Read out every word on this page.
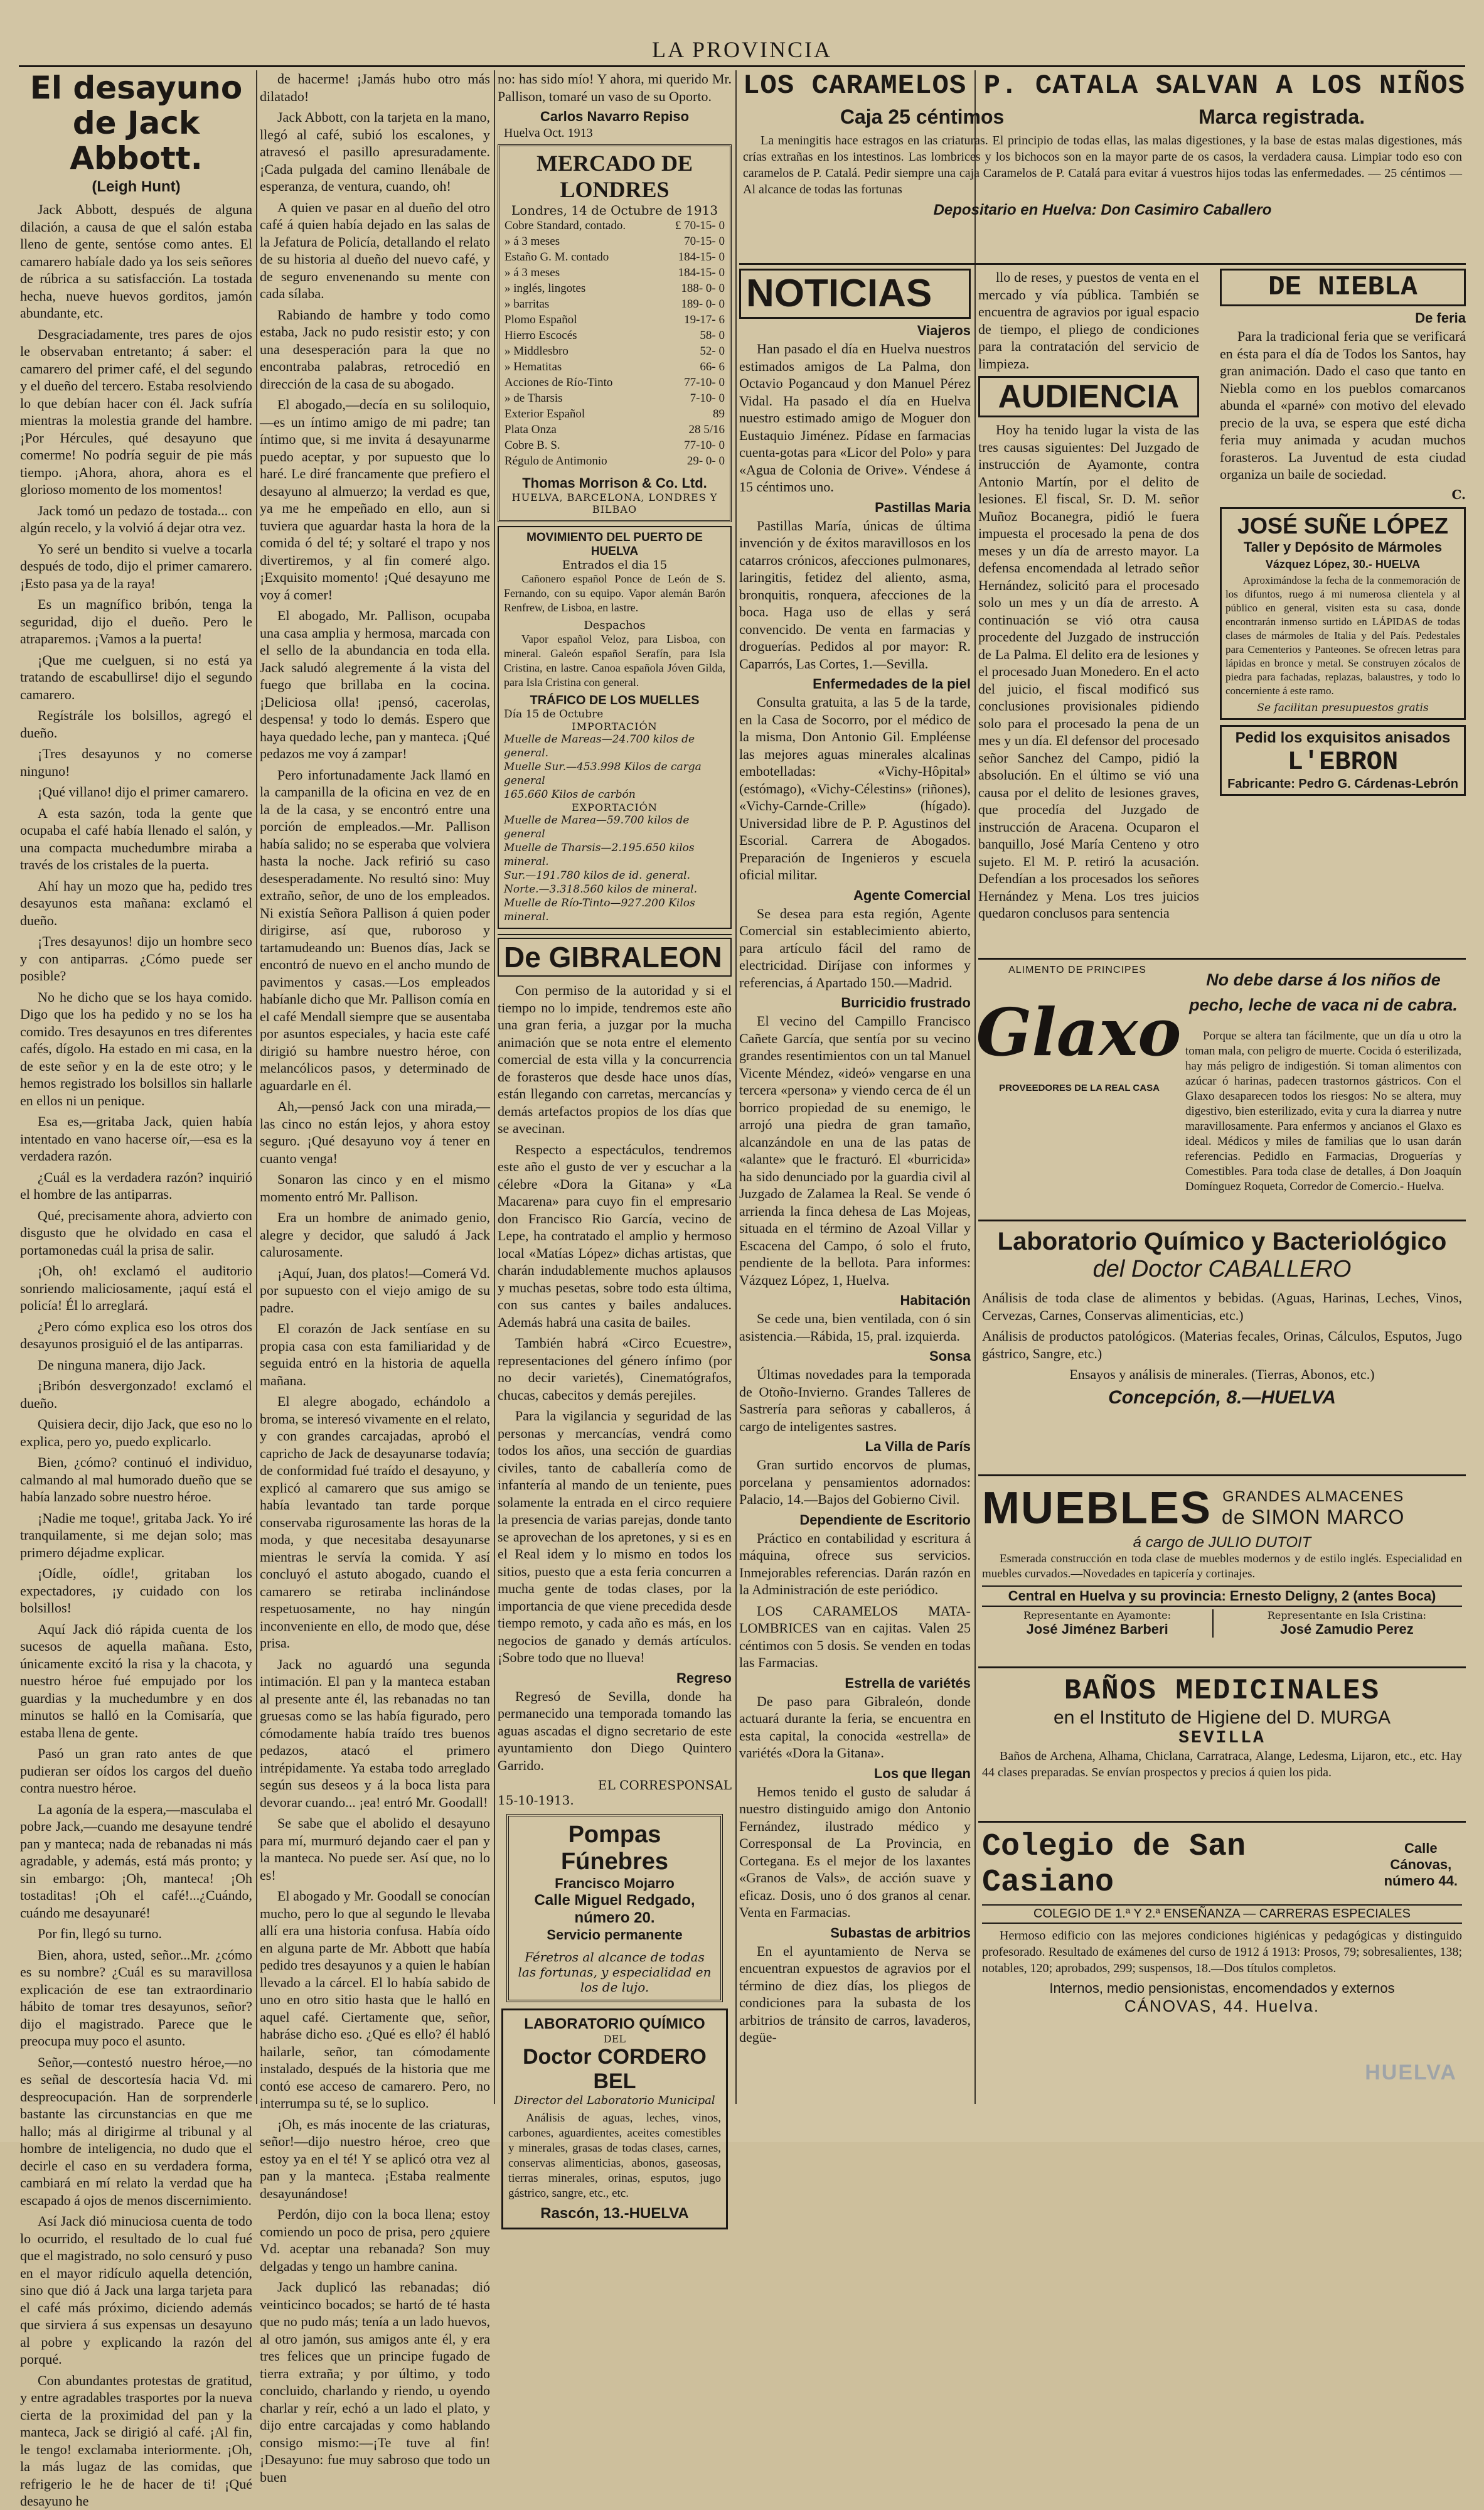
LA PROVINCIA
El desayuno
de Jack Abbott.
(Leigh Hunt)

Jack Abbott, después de alguna dilación, a causa de que el salón estaba lleno de gente, sentóse como antes. El camarero habíale dado ya los seis señores de rúbrica a su satisfacción. La tostada hecha, nueve huevos gorditos, jamón abundante, etc.

Desgraciadamente, tres pares de ojos le observaban entretanto; á saber: el camarero del primer café, el del segundo y el dueño del tercero. Estaba resolviendo lo que debían hacer con él. Jack sufría mientras la molestia grande del hambre. ¡Por Hércules, qué desayuno que comerme! No podría seguir de pie más tiempo. ¡Ahora, ahora, ahora es el glorioso momento de los momentos!

Jack tomó un pedazo de tostada... con algún recelo, y la volvió á dejar otra vez.

Yo seré un bendito si vuelve a tocarla después de todo, dijo el primer camarero. ¡Esto pasa ya de la raya!

Es un magnífico bribón, tenga la seguridad, dijo el dueño. Pero le atraparemos. ¡Vamos a la puerta!

¡Que me cuelguen, si no está ya tratando de escabullirse! dijo el segundo camarero.

Regístrále los bolsillos, agregó el dueño.

¡Tres desayunos y no comerse ninguno!

¡Qué villano! dijo el primer camarero.

A esta sazón, toda la gente que ocupaba el café había llenado el salón, y una compacta muchedumbre miraba a través de los cristales de la puerta.

Ahí hay un mozo que ha, pedido tres desayunos esta mañana: exclamó el dueño.

¡Tres desayunos! dijo un hombre seco y con antiparras. ¿Cómo puede ser posible?

No he dicho que se los haya comido. Digo que los ha pedido y no se los ha comido. Tres desayunos en tres diferentes cafés, dígolo. Ha estado en mi casa, en la de este señor y en la de este otro; y le hemos registrado los bolsillos sin hallarle en ellos ni un penique.

Esa es,—gritaba Jack, quien había intentado en vano hacerse oír,—esa es la verdadera razón.

¿Cuál es la verdadera razón? inquirió el hombre de las antiparras.

Qué, precisamente ahora, advierto con disgusto que he olvidado en casa el portamonedas cuál la prisa de salir.

¡Oh, oh! exclamó el auditorio sonriendo maliciosamente, ¡aquí está el policía! Él lo arreglará.

¿Pero cómo explica eso los otros dos desayunos prosiguió el de las antiparras.

De ninguna manera, dijo Jack.

¡Bribón desvergonzado! exclamó el dueño.

Quisiera decir, dijo Jack, que eso no lo explica, pero yo, puedo explicarlo.

Bien, ¿cómo? continuó el individuo, calmando al mal humorado dueño que se había lanzado sobre nuestro héroe.

¡Nadie me toque!, gritaba Jack. Yo iré tranquilamente, si me dejan solo; mas primero déjadme explicar.

¡Oídle, oídle!, gritaban los expectadores, ¡y cuidado con los bolsillos!

Aquí Jack dió rápida cuenta de los sucesos de aquella mañana. Esto, únicamente excitó la risa y la chacota, y nuestro héroe fué empujado por los guardias y la muchedumbre y en dos minutos se halló en la Comisaría, que estaba llena de gente.

Pasó un gran rato antes de que pudieran ser oídos los cargos del dueño contra nuestro héroe.

La agonía de la espera,—masculaba el pobre Jack,—cuando me desayune tendré pan y manteca; nada de rebanadas ni más agradable, y además, está más pronto; y sin embargo: ¡Oh, manteca! ¡Oh tostaditas! ¡Oh el café!...¿Cuándo, cuándo me desayunaré!

Por fin, llegó su turno.

Bien, ahora, usted, señor...Mr. ¿cómo es su nombre? ¿Cuál es su maravillosa explicación de ese tan extraordinario hábito de tomar tres desayunos, señor? dijo el magistrado. Parece que le preocupa muy poco el asunto.

Señor,—contestó nuestro héroe,—no es señal de descortesía hacia Vd. mi despreocupación. Han de sorprenderle bastante las circunstancias en que me hallo; más al dirigirme al tribunal y al hombre de inteligencia, no dudo que el decirle el caso en su verdadera forma, cambiará en mí relato la verdad que ha escapado á ojos de menos discernimiento.

Así Jack dió minuciosa cuenta de todo lo ocurrido, el resultado de lo cual fué que el magistrado, no solo censuró y puso en el mayor ridículo aquella detención, sino que dió á Jack una larga tarjeta para el café más próximo, diciendo además que sirviera á sus expensas un desayuno al pobre y explicando la razón del porqué.

Con abundantes protestas de gratitud, y entre agradables trasportes por la nueva cierta de la proximidad del pan y la manteca, Jack se dirigió al café. ¡Al fin, le tengo! exclamaba interiormente. ¡Oh, la más lugaz de las comidas, que refrigerio le he de hacer de ti! ¡Qué desayuno he

de hacerme! ¡Jamás hubo otro más dilatado!

Jack Abbott, con la tarjeta en la mano, llegó al café, subió los escalones, y atravesó el pasillo apresuradamente. ¡Cada pulgada del camino llenábale de esperanza, de ventura, cuando, oh!

A quien ve pasar en al dueño del otro café á quien había dejado en las salas de la Jefatura de Policía, detallando el relato de su historia al dueño del nuevo café, y de seguro envenenando su mente con cada sílaba.

Rabiando de hambre y todo como estaba, Jack no pudo resistir esto; y con una desesperación para la que no encontraba palabras, retrocedió en dirección de la casa de su abogado.

El abogado,—decía en su soliloquio,—es un íntimo amigo de mi padre; tan íntimo que, si me invita á desayunarme puedo aceptar, y por supuesto que lo haré. Le diré francamente que prefiero el desayuno al almuerzo; la verdad es que, ya me he empeñado en ello, aun si tuviera que aguardar hasta la hora de la comida ó del té; y soltaré el trapo y nos divertiremos, y al fin comeré algo. ¡Exquisito momento! ¡Qué desayuno me voy á comer!

El abogado, Mr. Pallison, ocupaba una casa amplia y hermosa, marcada con el sello de la abundancia en toda ella. Jack saludó alegremente á la vista del fuego que brillaba en la cocina. ¡Deliciosa olla! ¡pensó, cacerolas, despensa! y todo lo demás. Espero que haya quedado leche, pan y manteca. ¡Qué pedazos me voy á zampar!

Pero infortunadamente Jack llamó en la campanilla de la oficina en vez de en la de la casa, y se encontró entre una porción de empleados.—Mr. Pallison había salido; no se esperaba que volviera hasta la noche. Jack refirió su caso desesperadamente. No resultó sino: Muy extraño, señor, de uno de los empleados. Ni existía Señora Pallison á quien poder dirigirse, así que, ruboroso y tartamudeando un: Buenos días, Jack se encontró de nuevo en el ancho mundo de pavimentos y casas.—Los empleados habíanle dicho que Mr. Pallison comía en el café Mendall siempre que se ausentaba por asuntos especiales, y hacia este café dirigió su hambre nuestro héroe, con melancólicos pasos, y determinado de aguardarle en él.

Ah,—pensó Jack con una mirada,—las cinco no están lejos, y ahora estoy seguro. ¡Qué desayuno voy á tener en cuanto venga!

Sonaron las cinco y en el mismo momento entró Mr. Pallison.

Era un hombre de animado genio, alegre y decidor, que saludó á Jack calurosamente.

¡Aquí, Juan, dos platos!—Comerá Vd. por supuesto con el viejo amigo de su padre.

El corazón de Jack sentíase en su propia casa con esta familiaridad y de seguida entró en la historia de aquella mañana.

El alegre abogado, echándolo a broma, se interesó vivamente en el relato, y con grandes carcajadas, aprobó el capricho de Jack de desayunarse todavía; de conformidad fué traído el desayuno, y explicó al camarero que sus amigo se había levantado tan tarde porque conservaba rigurosamente las horas de la moda, y que necesitaba desayunarse mientras le servía la comida. Y así concluyó el astuto abogado, cuando el camarero se retiraba inclinándose respetuosamente, no hay ningún inconveniente en ello, de modo que, dése prisa.

Jack no aguardó una segunda intimación. El pan y la manteca estaban al presente ante él, las rebanadas no tan gruesas como se las había figurado, pero cómodamente había traído tres buenos pedazos, atacó el primero intrépidamente. Ya estaba todo arreglado según sus deseos y á la boca lista para devorar cuando... ¡ea! entró Mr. Goodall!

Se sabe que el abolido el desayuno para mí, murmuró dejando caer el pan y la manteca. No puede ser. Así que, no lo es!

El abogado y Mr. Goodall se conocían mucho, pero lo que al segundo le llevaba allí era una historia confusa. Había oído en alguna parte de Mr. Abbott que había pedido tres desayunos y a quien le habían llevado a la cárcel. El lo había sabido de uno en otro sitio hasta que le halló en aquel café. Ciertamente que, señor, habráse dicho eso. ¿Qué es ello? él habló hailarle, señor, tan cómodamente instalado, después de la historia que me contó ese acceso de camarero. Pero, no interrumpa su té, se lo suplico.

¡Oh, es más inocente de las criaturas, señor!—dijo nuestro héroe, creo que estoy ya en el té! Y se aplicó otra vez al pan y la manteca. ¡Estaba realmente desayunándose!

Perdón, dijo con la boca llena; estoy comiendo un poco de prisa, pero ¿quiere Vd. aceptar una rebanada? Son muy delgadas y tengo un hambre canina.

Jack duplicó las rebanadas; dió veinticinco bocados; se hartó de té hasta que no pudo más; tenía a un lado huevos, al otro jamón, sus amigos ante él, y era tres felices que un principe fugado de tierra extraña; y por último, y todo concluido, charlando y riendo, u oyendo charlar y reír, echó a un lado el plato, y dijo entre carcajadas y como hablando consigo mismo:—¡Te tuve al fin! ¡Desayuno: fue muy sabroso que todo un buen

no: has sido mío! Y ahora, mi querido Mr. Pallison, tomaré un vaso de su Oporto.

Carlos Navarro Repiso
Huelva Oct. 1913
MERCADO DE LONDRES
Londres, 14 de Octubre de 1913
Cobre Standard, contado.	£ 70-15- 0
» á 3 meses	70-15- 0
Estaño G. M. contado	184-15- 0
» á 3 meses	184-15- 0
» inglés, lingotes	188- 0- 0
» barritas	189- 0- 0
Plomo Español	19-17- 6
Hierro Escocés	58- 0
» Middlesbro	52- 0
» Hematitas	66- 6
Acciones de Río-Tinto	77-10- 0
» de Tharsis	7-10- 0
Exterior Español	89
Plata Onza	28 5/16
Cobre B. S.	77-10- 0
Régulo de Antimonio	29- 0- 0
Thomas Morrison & Co. Ltd.
HUELVA, BARCELONA, LONDRES Y BILBAO
MOVIMIENTO DEL PUERTO DE HUELVA
Entrados el dia 15

Cañonero español Ponce de León de S. Fernando, con su equipo. Vapor alemán Barón Renfrew, de Lisboa, en lastre.

Despachos

Vapor español Veloz, para Lisboa, con mineral. Galeón español Serafín, para Isla Cristina, en lastre. Canoa española Jóven Gilda, para Isla Cristina con general.

TRÁFICO DE LOS MUELLES
Día 15 de Octubre
IMPORTACIÓN
Muelle de Mareas—24.700 kilos de general.
Muelle Sur.—453.998 Kilos de carga general
165.660 Kilos de carbón
EXPORTACIÓN
Muelle de Marea—59.700 kilos de general
Muelle de Tharsis—2.195.650 kilos mineral.
Sur.—191.780 kilos de id. general.
Norte.—3.318.560 kilos de mineral.
Muelle de Río-Tinto—927.200 Kilos mineral.
De GIBRALEON

Con permiso de la autoridad y si el tiempo no lo impide, tendremos este año una gran feria, a juzgar por la mucha animación que se nota entre el elemento comercial de esta villa y la concurrencia de forasteros que desde hace unos días, están llegando con carretas, mercancías y demás artefactos propios de los días que se avecinan.

Respecto a espectáculos, tendremos este año el gusto de ver y escuchar a la célebre «Dora la Gitana» y «La Macarena» para cuyo fin el empresario don Francisco Rio García, vecino de Lepe, ha contratado el amplio y hermoso local «Matías López» dichas artistas, que charán indudablemente muchos aplausos y muchas pesetas, sobre todo esta última, con sus cantes y bailes andaluces. Además habrá una casita de bailes.

También habrá «Circo Ecuestre», representaciones del género ínfimo (por no decir varietés), Cinematógrafos, chucas, cabecitos y demás perejiles.

Para la vigilancia y seguridad de las personas y mercancías, vendrá como todos los años, una sección de guardias civiles, tanto de caballería como de infantería al mando de un teniente, pues solamente la entrada en el circo requiere la presencia de varias parejas, donde tanto se aprovechan de los apretones, y si es en el Real idem y lo mismo en todos los sitios, puesto que a esta feria concurren a mucha gente de todas clases, por la importancia de que viene precedida desde tiempo remoto, y cada año es más, en los negocios de ganado y demás artículos. ¡Sobre todo que no llueva!

Regreso

Regresó de Sevilla, donde ha permanecido una temporada tomando las aguas ascadas el digno secretario de este ayuntamiento don Diego Quintero Garrido.

EL CORRESPONSAL
15-10-1913.
Pompas Fúnebres
Francisco Mojarro
Calle Miguel Redgado, número 20.
Servicio permanente
Féretros al alcance de todas las fortunas, y especialidad en los de lujo.
LABORATORIO QUÍMICO
DEL
Doctor CORDERO BEL
Director del Laboratorio Municipal

Análisis de aguas, leches, vinos, carbones, aguardientes, aceites comestibles y minerales, grasas de todas clases, carnes, conservas alimenticias, abonos, gaseosas, tierras minerales, orinas, esputos, jugo gástrico, sangre, etc., etc.

Rascón, 13.-HUELVA
LOS CARAMELOS P. CATALA SALVAN A LOS NIÑOS
Caja 25 céntimos	Marca registrada.

La meningitis hace estragos en las criaturas. El principio de todas ellas, las malas digestiones, y la base de estas malas digestiones, más crías extrañas en los intestinos. Las lombrices y los bichocos son en la mayor parte de os casos, la verdadera causa. Limpiar todo eso con caramelos de P. Catalá. Pedir siempre una caja Caramelos de P. Catalá para evitar á vuestros hijos todas las enfermedades. — 25 céntimos — Al alcance de todas las fortunas

Depositario en Huelva: Don Casimiro Caballero
NOTICIAS
Viajeros

Han pasado el día en Huelva nuestros estimados amigos de La Palma, don Octavio Pogancaud y don Manuel Pérez Vidal. Ha pasado el día en Huelva nuestro estimado amigo de Moguer don Eustaquio Jiménez. Pídase en farmacias cuenta-gotas para «Licor del Polo» y para «Agua de Colonia de Orive». Véndese á 15 céntimos uno.

Pastillas Maria

Pastillas María, únicas de última invención y de éxitos maravillosos en los catarros crónicos, afecciones pulmonares, laringitis, fetidez del aliento, asma, bronquitis, ronquera, afecciones de la boca. Haga uso de ellas y será convencido. De venta en farmacias y droguerías. Pedidos al por mayor: R. Caparrós, Las Cortes, 1.—Sevilla.

Enfermedades de la piel

Consulta gratuita, a las 5 de la tarde, en la Casa de Socorro, por el médico de la misma, Don Antonio Gil. Empléense las mejores aguas minerales alcalinas embotelladas: «Vichy-Hôpital» (estómago), «Vichy-Célestins» (riñones), «Vichy-Carnde-Crille» (hígado). Universidad libre de P. P. Agustinos del Escorial. Carrera de Abogados. Preparación de Ingenieros y escuela oficial militar.

Agente Comercial

Se desea para esta región, Agente Comercial sin establecimiento abierto, para artículo fácil del ramo de electricidad. Diríjase con informes y referencias, á Apartado 150.—Madrid.

Burricidio frustrado

El vecino del Campillo Francisco Cañete García, que sentía por su vecino grandes resentimientos con un tal Manuel Vicente Méndez, «ideó» vengarse en una tercera «persona» y viendo cerca de él un borrico propiedad de su enemigo, le arrojó una piedra de gran tamaño, alcanzándole en una de las patas de «alante» que le fracturó. El «burricida» ha sido denunciado por la guardia civil al Juzgado de Zalamea la Real. Se vende ó arrienda la finca dehesa de Las Mojeas, situada en el término de Azoal Villar y Escacena del Campo, ó solo el fruto, pendiente de la bellota. Para informes: Vázquez López, 1, Huelva.

Habitación

Se cede una, bien ventilada, con ó sin asistencia.—Rábida, 15, pral. izquierda.

Sonsa

Últimas novedades para la temporada de Otoño-Invierno. Grandes Talleres de Sastrería para señoras y caballeros, á cargo de inteligentes sastres.

La Villa de París

Gran surtido encorvos de plumas, porcelana y pensamientos adornados: Palacio, 14.—Bajos del Gobierno Civil.

Dependiente de Escritorio

Práctico en contabilidad y escritura á máquina, ofrece sus servicios. Inmejorables referencias. Darán razón en la Administración de este periódico.

LOS CARAMELOS MATA-LOMBRICES van en cajitas. Valen 25 céntimos con 5 dosis. Se venden en todas las Farmacias.

Estrella de variétés

De paso para Gibraleón, donde actuará durante la feria, se encuentra en esta capital, la conocida «estrella» de variétés «Dora la Gitana».

Los que llegan

Hemos tenido el gusto de saludar á nuestro distinguido amigo don Antonio Fernández, ilustrado médico y Corresponsal de La Provincia, en Cortegana. Es el mejor de los laxantes «Granos de Vals», de acción suave y eficaz. Dosis, uno ó dos granos al cenar. Venta en Farmacias.

Subastas de arbitrios

En el ayuntamiento de Nerva se encuentran expuestos de agravios por el término de diez días, los pliegos de condiciones para la subasta de los arbitrios de tránsito de carros, lavaderos, degüe-

llo de reses, y puestos de venta en el mercado y vía pública. También se encuentra de agravios por igual espacio de tiempo, el pliego de condiciones para la contratación del servicio de limpieza.

AUDIENCIA

Hoy ha tenido lugar la vista de las tres causas siguientes: Del Juzgado de instrucción de Ayamonte, contra Antonio Martín, por el delito de lesiones. El fiscal, Sr. D. M. señor Muñoz Bocanegra, pidió le fuera impuesta el procesado la pena de dos meses y un día de arresto mayor. La defensa encomendada al letrado señor Hernández, solicitó para el procesado solo un mes y un día de arresto. A continuación se vió otra causa procedente del Juzgado de instrucción de La Palma. El delito era de lesiones y el procesado Juan Monedero. En el acto del juicio, el fiscal modificó sus conclusiones provisionales pidiendo solo para el procesado la pena de un mes y un día. El defensor del procesado señor Sanchez del Campo, pidió la absolución. En el último se vió una causa por el delito de lesiones graves, que procedía del Juzgado de instrucción de Aracena. Ocuparon el banquillo, José María Centeno y otro sujeto. El M. P. retiró la acusación. Defendían a los procesados los señores Hernández y Mena. Los tres juicios quedaron conclusos para sentencia

DE NIEBLA
De feria

Para la tradicional feria que se verificará en ésta para el día de Todos los Santos, hay gran animación. Dado el caso que tanto en Niebla como en los pueblos comarcanos abunda el «parné» con motivo del elevado precio de la uva, se espera que esté dicha feria muy animada y acudan muchos forasteros. La Juventud de esta ciudad organiza un baile de sociedad.

C.
JOSÉ SUÑE LÓPEZ
Taller y Depósito de Mármoles
Vázquez López, 30.- HUELVA

Aproximándose la fecha de la conmemoración de los difuntos, ruego á mi numerosa clientela y al público en general, visiten esta su casa, donde encontrarán inmenso surtido en LÁPIDAS de todas clases de mármoles de Italia y del País. Pedestales para Cementerios y Panteones. Se ofrecen letras para lápidas en bronce y metal. Se construyen zócalos de piedra para fachadas, replazas, balaustres, y todo lo concerniente á este ramo.

Se facilitan presupuestos gratis
Pedid los exquisitos anisados
L'EBRON
Fabricante: Pedro G. Cárdenas-Lebrón
ALIMENTO DE PRINCIPES
Glaxo
PROVEEDORES DE LA REAL CASA
No debe darse á los niños de pecho, leche de vaca ni de cabra.

Porque se altera tan fácilmente, que un día u otro la toman mala, con peligro de muerte. Cocida ó esterilizada, hay más peligro de indigestión. Si toman alimentos con azúcar ó harinas, padecen trastornos gástricos. Con el Glaxo desaparecen todos los riesgos: No se altera, muy digestivo, bien esterilizado, evita y cura la diarrea y nutre maravillosamente. Para enfermos y ancianos el Glaxo es ideal. Médicos y miles de familias que lo usan darán referencias. Pedidlo en Farmacias, Droguerías y Comestibles. Para toda clase de detalles, á Don Joaquín Domínguez Roqueta, Corredor de Comercio.- Huelva.

Laboratorio Químico y Bacteriológico
del Doctor CABALLERO

Análisis de toda clase de alimentos y bebidas. (Aguas, Harinas, Leches, Vinos, Cervezas, Carnes, Conservas alimenticias, etc.)

Análisis de productos patológicos. (Materias fecales, Orinas, Cálculos, Esputos, Jugo gástrico, Sangre, etc.)

Ensayos y análisis de minerales. (Tierras, Abonos, etc.)

Concepción, 8.—HUELVA
MUEBLES GRANDES ALMACENES
de SIMON MARCO
á cargo de JULIO DUTOIT

Esmerada construcción en toda clase de muebles modernos y de estilo inglés. Especialidad en muebles curvados.—Novedades en tapicería y cortinajes.

Central en Huelva y su provincia: Ernesto Deligny, 2 (antes Boca)
Representante en Ayamonte:
José Jiménez Barberi
Representante en Isla Cristina:
José Zamudio Perez
BAÑOS MEDICINALES
en el Instituto de Higiene del D. MURGA
SEVILLA

Baños de Archena, Alhama, Chiclana, Carratraca, Alange, Ledesma, Lijaron, etc., etc. Hay 44 clases preparadas. Se envían prospectos y precios á quien los pida.

Colegio de San Casiano
Calle Cánovas, número 44.
COLEGIO DE 1.ª Y 2.ª ENSEÑANZA — CARRERAS ESPECIALES

Hermoso edificio con las mejores condiciones higiénicas y pedagógicas y distinguido profesorado. Resultado de exámenes del curso de 1912 á 1913: Prosos, 79; sobresalientes, 138; notables, 120; aprobados, 299; suspensos, 18.—Dos títulos completos.

Internos, medio pensionistas, encomendados y externos
CÁNOVAS, 44. Huelva.
HUELVA
